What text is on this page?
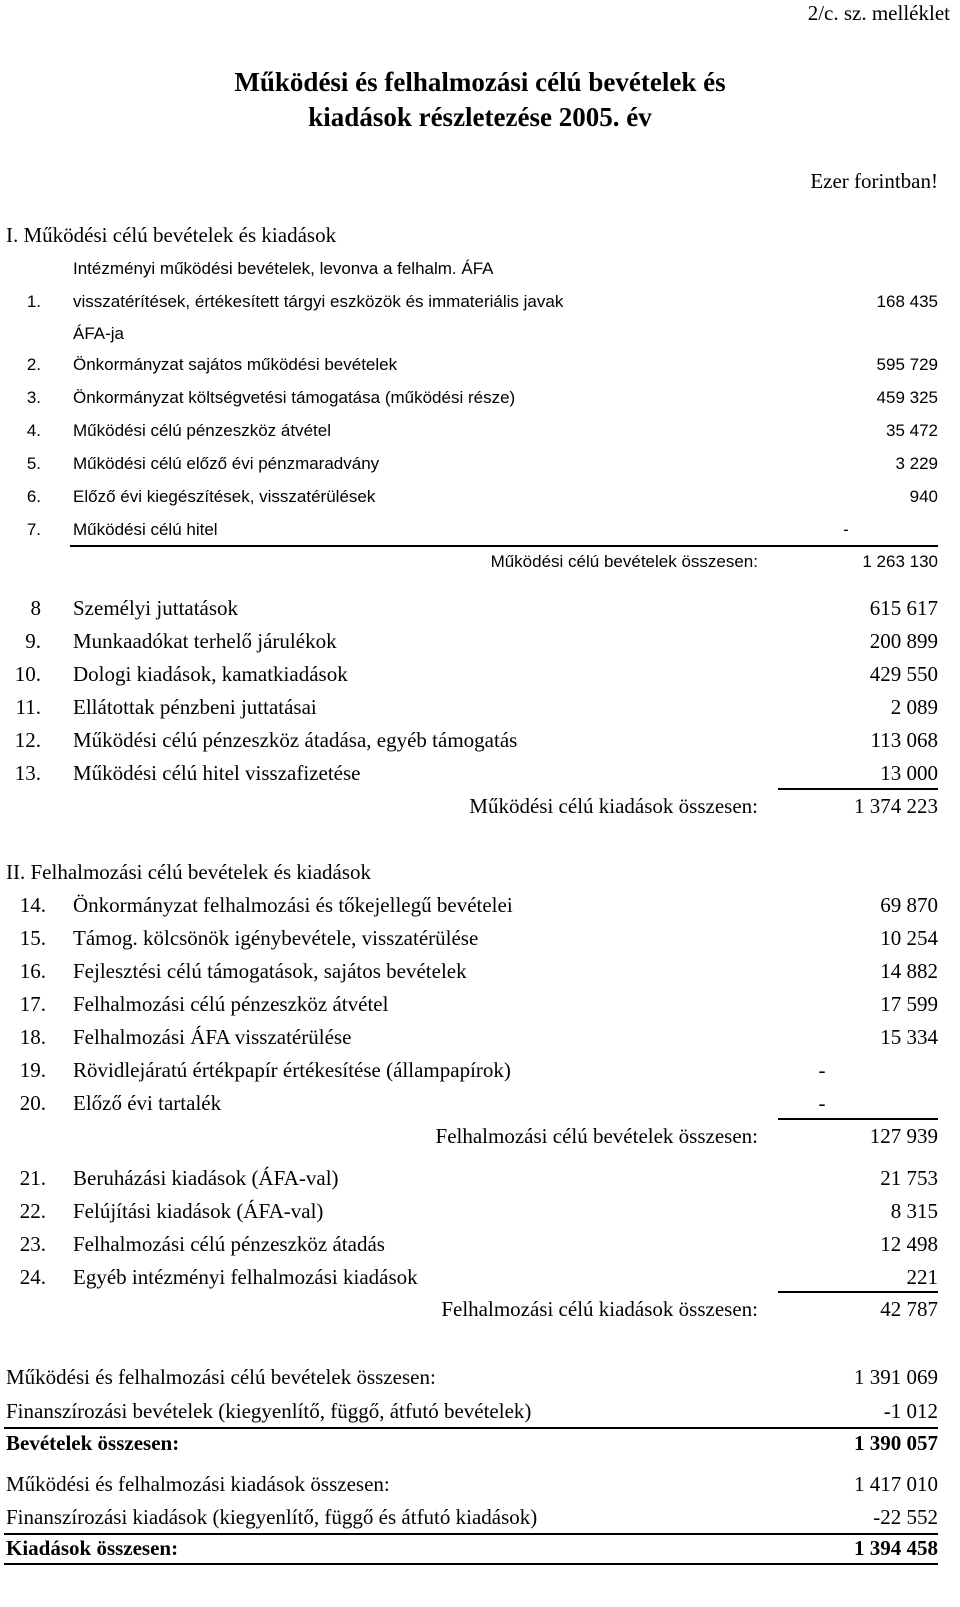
2/c. sz. melléklet
Működési és felhalmozási célú bevételek és
kiadások részletezése 2005. év
Ezer forintban!
I. Működési célú bevételek és kiadások
Intézményi működési bevételek, levonva a felhalm. ÁFA
1. visszatérítések, értékesített tárgyi eszközök és immateriális javak	168 435
ÁFA-ja
2. Önkormányzat sajátos működési bevételek	595 729
3. Önkormányzat költségvetési támogatása (működési része)	459 325
4. Működési célú pénzeszköz átvétel	35 472
5. Működési célú előző évi pénzmaradvány	3 229
6. Előző évi kiegészítések, visszatérülések	940
7. Működési célú hitel	-
Működési célú bevételek összesen:	1 263 130
8 Személyi juttatások	615 617
9. Munkaadókat terhelő járulékok	200 899
10. Dologi kiadások, kamatkiadások	429 550
11. Ellátottak pénzbeni juttatásai	2 089
12. Működési célú pénzeszköz átadása, egyéb támogatás	113 068
13. Működési célú hitel visszafizetése	13 000
Működési célú kiadások összesen:	1 374 223
II. Felhalmozási célú bevételek és kiadások
14. Önkormányzat felhalmozási és tőkejellegű bevételei	69 870
15. Támog. kölcsönök igénybevétele, visszatérülése	10 254
16. Fejlesztési célú támogatások, sajátos bevételek	14 882
17. Felhalmozási célú pénzeszköz átvétel	17 599
18. Felhalmozási ÁFA visszatérülése	15 334
19. Rövidlejáratú értékpapír értékesítése (állampapírok)	-
20. Előző évi tartalék	-
Felhalmozási célú bevételek összesen:	127 939
21. Beruházási kiadások (ÁFA-val)	21 753
22. Felújítási kiadások (ÁFA-val)	8 315
23. Felhalmozási célú pénzeszköz átadás	12 498
24. Egyéb intézményi felhalmozási kiadások	221
Felhalmozási célú kiadások összesen:	42 787
Működési és felhalmozási célú bevételek összesen:	1 391 069
Finanszírozási bevételek (kiegyenlítő, függő, átfutó bevételek)	-1 012
Bevételek összesen:	1 390 057
Működési és felhalmozási kiadások összesen:	1 417 010
Finanszírozási kiadások (kiegyenlítő, függő és átfutó kiadások)	-22 552
Kiadások összesen:	1 394 458
